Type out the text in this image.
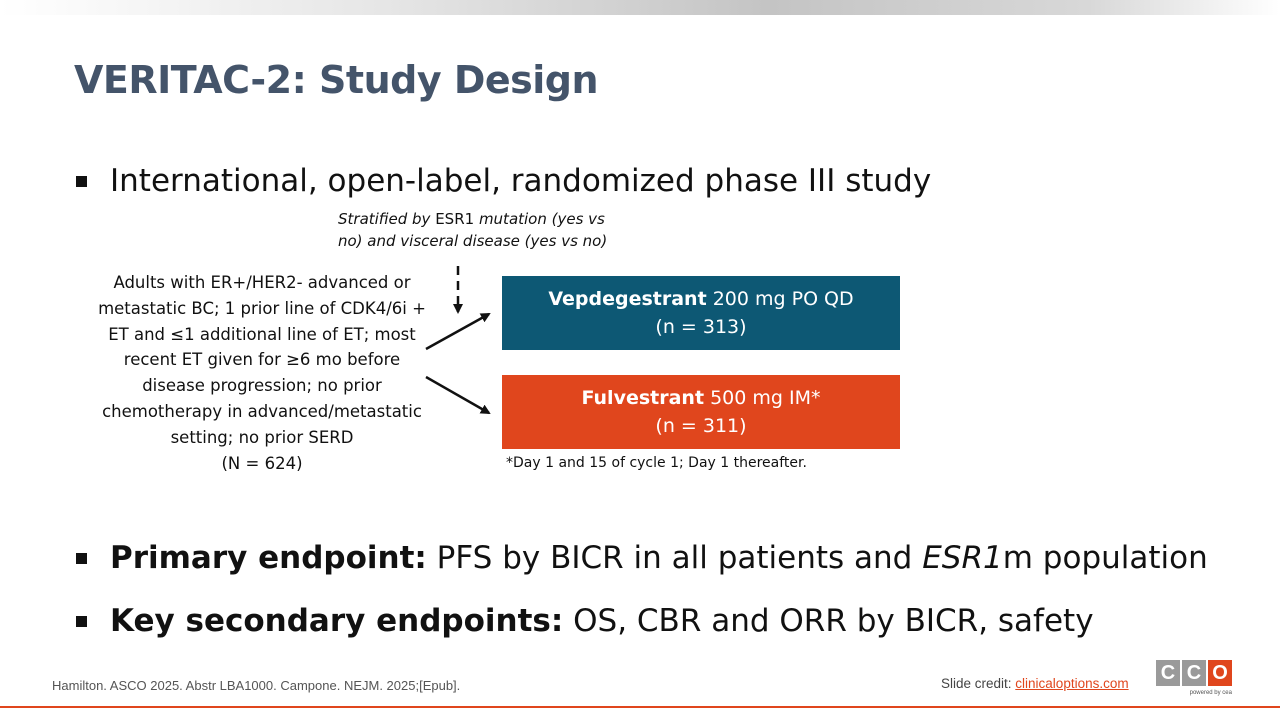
VERITAC-2: Study Design
International, open-label, randomized phase III study
Stratified by ESR1 mutation (yes vs no) and visceral disease (yes vs no)
Adults with ER+/HER2- advanced or metastatic BC; 1 prior line of CDK4/6i + ET and ≤1 additional line of ET; most recent ET given for ≥6 mo before disease progression; no prior chemotherapy in advanced/metastatic setting; no prior SERD
(N = 624)
Vepdegestrant 200 mg PO QD
(n = 313)
Fulvestrant 500 mg IM*
(n = 311)
*Day 1 and 15 of cycle 1; Day 1 thereafter.
Primary endpoint: PFS by BICR in all patients and ESR1m population
Key secondary endpoints: OS, CBR and ORR by BICR, safety
Hamilton. ASCO 2025. Abstr LBA1000. Campone. NEJM. 2025;[Epub].	Slide credit: clinicaloptions.com C C O
powered by cea
